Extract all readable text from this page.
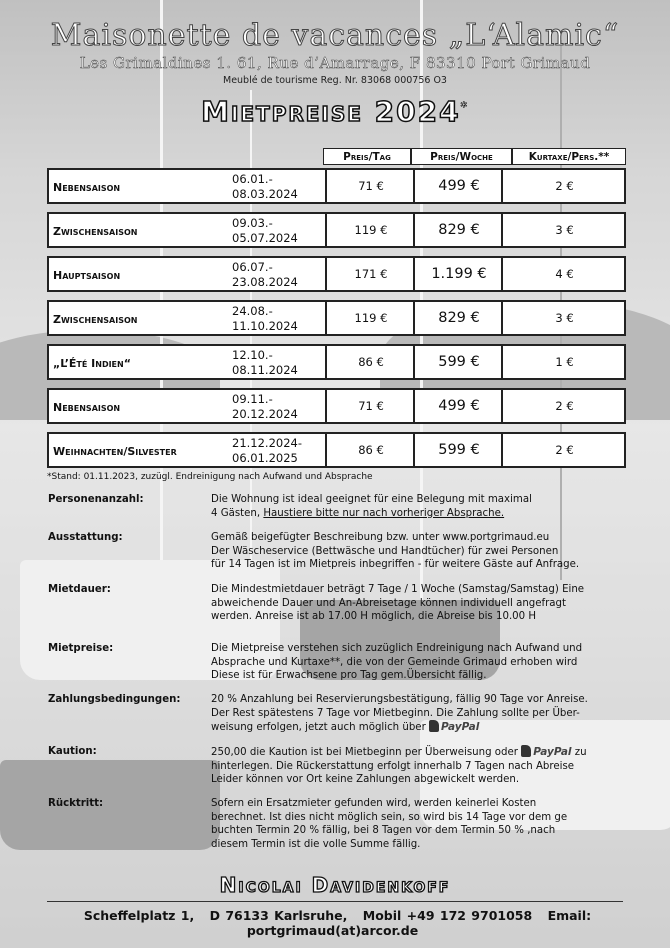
Maisonette de vacances „L‘Alamic“
Les Grimaldines 1. 61, Rue d’Amarrage, F 83310 Port Grimaud
Meublé de tourisme Reg. Nr. 83068 000756 O3
Mietpreise 2024*
Preis/Tag	Preis/Woche	Kurtaxe/Pers.**
Nebensaison
06.01.-
08.03.2024
71 €	499 €	2 €
Zwischensaison
09.03.-
05.07.2024
119 €	829 €	3 €
Hauptsaison
06.07.-
23.08.2024
171 €	1.199 €	4 €
Zwischensaison
24.08.-
11.10.2024
119 €	829 €	3 €
„L’Été Indien“
12.10.-
08.11.2024
86 €	599 €	1 €
Nebensaison
09.11.-
20.12.2024
71 €	499 €	2 €
Weihnachten/Silvester
21.12.2024-
06.01.2025
86 €	599 €	2 €
*Stand: 01.11.2023, zuzügl. Endreinigung nach Aufwand und Absprache
Personenanzahl:	Die Wohnung ist ideal geeignet für eine Belegung mit maximal
4 Gästen, Haustiere bitte nur nach vorheriger Absprache.
Ausstattung:	Gemäß beigefügter Beschreibung bzw. unter www.portgrimaud.eu
Der Wäscheservice (Bettwäsche und Handtücher) für zwei Personen
für 14 Tagen ist im Mietpreis inbegriffen - für weitere Gäste auf Anfrage.
Mietdauer:	Die Mindestmietdauer beträgt 7 Tage / 1 Woche (Samstag/Samstag) Eine
abweichende Dauer und An-Abreisetage können individuell angefragt
werden. Anreise ist ab 17.00 H möglich, die Abreise bis 10.00 H
Mietpreise:	Die Mietpreise verstehen sich zuzüglich Endreinigung nach Aufwand und
Absprache und Kurtaxe**, die von der Gemeinde Grimaud erhoben wird
Diese ist für Erwachsene pro Tag gem.Übersicht fällig.
Zahlungsbedingungen:	20 % Anzahlung bei Reservierungsbestätigung, fällig 90 Tage vor Anreise.
Der Rest spätestens 7 Tage vor Mietbeginn. Die Zahlung sollte per Über-
weisung erfolgen, jetzt auch möglich über PayPal
Kaution:	250,00 die Kaution ist bei Mietbeginn per Überweisung oder PayPal zu
hinterlegen. Die Rückerstattung erfolgt innerhalb 7 Tagen nach Abreise
Leider können vor Ort keine Zahlungen abgewickelt werden.
Rücktritt:	Sofern ein Ersatzmieter gefunden wird, werden keinerlei Kosten
berechnet. Ist dies nicht möglich sein, so wird bis 14 Tage vor dem ge
buchten Termin 20 % fällig, bei 8 Tagen vor dem Termin 50 % ,nach
diesem Termin ist die volle Summe fällig.
Nicolai Davidenkoff
Scheffelplatz 1, D 76133 Karlsruhe, Mobil +49 172 9701058 Email: portgrimaud(at)arcor.de
